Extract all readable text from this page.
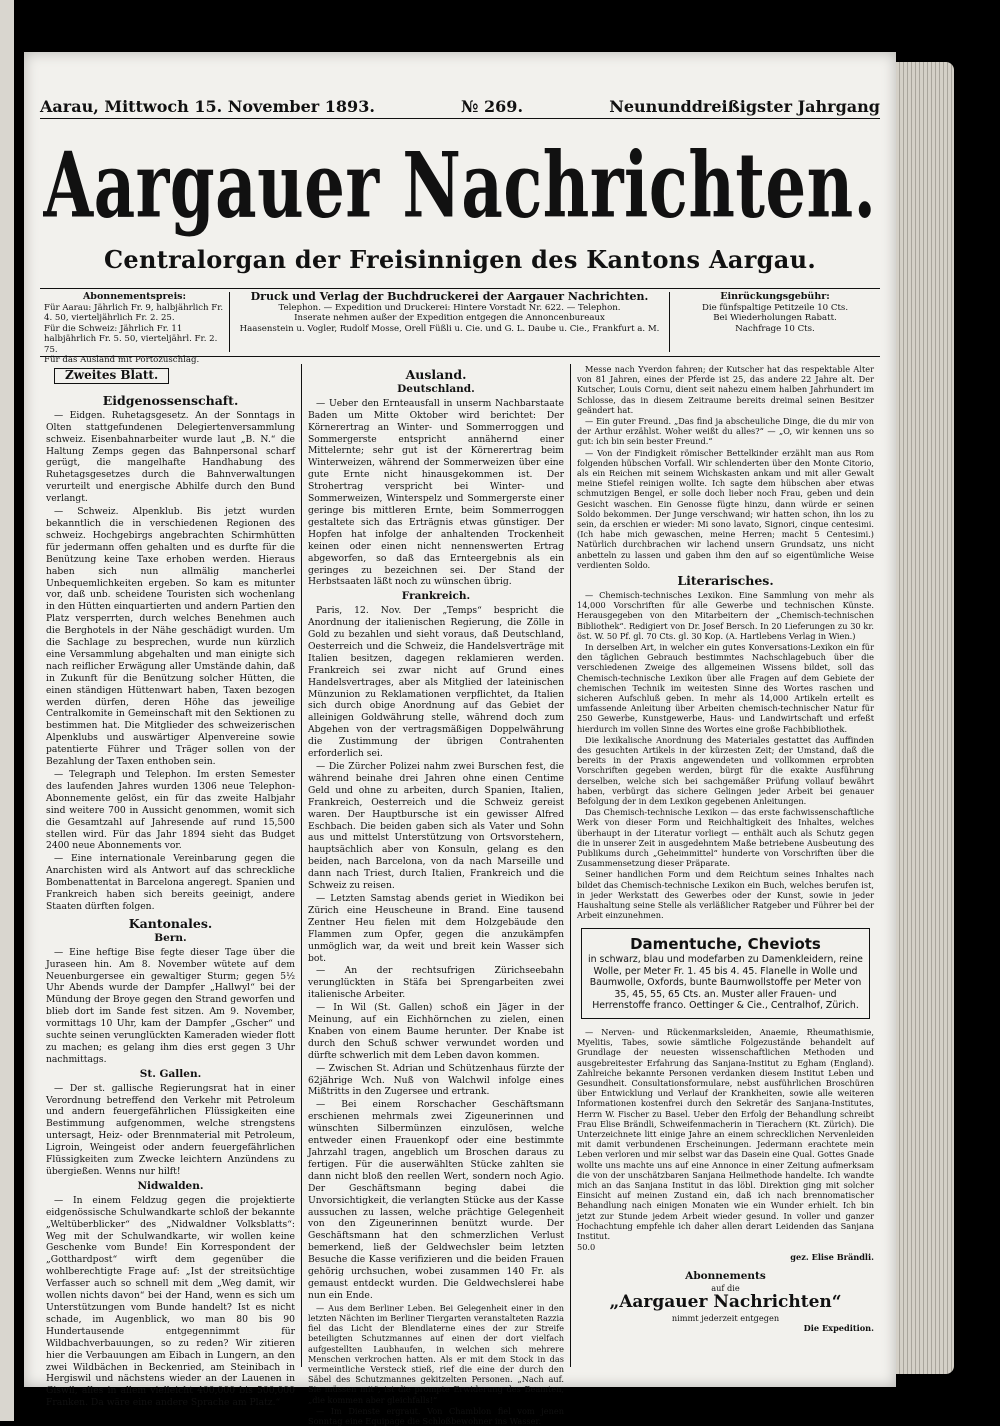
Aarau, Mittwoch 15. November 1893.	№ 269.	Neununddreißigster Jahrgang
Aargauer Nachrichten.
Centralorgan der Freisinnigen des Kantons Aargau.
Abonnementspreis:
Für Aarau: Jährlich Fr. 9, halbjährlich Fr. 4. 50, vierteljährlich Fr. 2. 25.
Für die Schweiz: Jährlich Fr. 11 halbjährlich Fr. 5. 50, vierteljährl. Fr. 2. 75.
Für das Ausland mit Portozuschlag.
Druck und Verlag der Buchdruckerei der Aargauer Nachrichten.
Telephon. — Expedition und Druckerei: Hintere Vorstadt Nr. 622. — Telephon.
Inserate nehmen außer der Expedition entgegen die Annoncenbureaux
Haasenstein u. Vogler, Rudolf Mosse, Orell Füßli u. Cie. und G. L. Daube u. Cie., Frankfurt a. M.
Einrückungsgebühr:
Die fünfspaltige Petitzeile 10 Cts.
Bei Wiederholungen Rabatt.
Nachfrage 10 Cts.
Zweites Blatt.
Eidgenossenschaft.

— Eidgen. Ruhetagsgesetz. An der Sonntags in Olten stattgefundenen Delegiertenversammlung schweiz. Eisenbahnarbeiter wurde laut „B. N.“ die Haltung Zemps gegen das Bahnpersonal scharf gerügt, die mangelhafte Handhabung des Ruhetagsgesetzes durch die Bahnverwaltungen verurteilt und energische Abhilfe durch den Bund verlangt.

— Schweiz. Alpenklub. Bis jetzt wurden bekanntlich die in verschiedenen Regionen des schweiz. Hochgebirgs angebrachten Schirmhütten für jedermann offen gehalten und es durfte für die Benützung keine Taxe erhoben werden. Hieraus haben sich nun allmälig mancherlei Unbequemlichkeiten ergeben. So kam es mitunter vor, daß unb. scheidene Touristen sich wochenlang in den Hütten einquartierten und andern Partien den Platz versperrten, durch welches Benehmen auch die Berghotels in der Nähe geschädigt wurden. Um die Sachlage zu besprechen, wurde nun kürzlich eine Versammlung abgehalten und man einigte sich nach reiflicher Erwägung aller Umstände dahin, daß in Zukunft für die Benützung solcher Hütten, die einen ständigen Hüttenwart haben, Taxen bezogen werden dürfen, deren Höhe das jeweilige Centralkomite in Gemeinschaft mit den Sektionen zu bestimmen hat. Die Mitglieder des schweizerischen Alpenklubs und auswärtiger Alpenvereine sowie patentierte Führer und Träger sollen von der Bezahlung der Taxen enthoben sein.

— Telegraph und Telephon. Im ersten Semester des laufenden Jahres wurden 1306 neue Telephon-Abonnemente gelöst, ein für das zweite Halbjahr sind weitere 700 in Aussicht genommen, womit sich die Gesamtzahl auf Jahresende auf rund 15,500 stellen wird. Für das Jahr 1894 sieht das Budget 2400 neue Abonnements vor.

— Eine internationale Vereinbarung gegen die Anarchisten wird als Antwort auf das schreckliche Bombenattentat in Barcelona angeregt. Spanien und Frankreich haben sich bereits geeinigt, andere Staaten dürften folgen.

Kantonales.
Bern.

— Eine heftige Bise fegte dieser Tage über die Juraseen hin. Am 8. November wütete auf dem Neuenburgersee ein gewaltiger Sturm; gegen 5½ Uhr Abends wurde der Dampfer „Hallwyl“ bei der Mündung der Broye gegen den Strand geworfen und blieb dort im Sande fest sitzen. Am 9. November, vormittags 10 Uhr, kam der Dampfer „Gscher“ und suchte seinen verunglückten Kameraden wieder flott zu machen; es gelang ihm dies erst gegen 3 Uhr nachmittags.

St. Gallen.

— Der st. gallische Regierungsrat hat in einer Verordnung betreffend den Verkehr mit Petroleum und andern feuergefährlichen Flüssigkeiten eine Bestimmung aufgenommen, welche strengstens untersagt, Heiz- oder Brennmaterial mit Petroleum, Ligroin, Weingeist oder andern feuergefährlichen Flüssigkeiten zum Zwecke leichtern Anzündens zu übergießen. Wenns nur hilft!

Nidwalden.

— In einem Feldzug gegen die projektierte eidgenössische Schulwandkarte schloß der bekannte „Weltüberblicker“ des „Nidwaldner Volksblatts“: Weg mit der Schulwandkarte, wir wollen keine Geschenke vom Bunde! Ein Korrespondent der „Gotthardpost“ wirft dem gegenüber die wohlberechtigte Frage auf: „Ist der streitsüchtige Verfasser auch so schnell mit dem „Weg damit, wir wollen nichts davon“ bei der Hand, wenn es sich um Unterstützungen vom Bunde handelt? Ist es nicht schade, im Augenblick, wo man 80 bis 90 Hundertausende entgegennimmt für Wildbachverbauungen, so zu reden? Wir zitieren hier die Verbauungen am Eibach in Lungern, an den zwei Wildbächen in Beckenried, am Steinibach in Hergiswil und nächstens wieder an der Lauenen in Giswil, alles in allem vielleicht 400,000 bis 500,000 Franken. Da wäre eine andere Sprache am Platz.“

Ausland.
Deutschland.

— Ueber den Ernteausfall in unserm Nachbarstaate Baden um Mitte Oktober wird berichtet: Der Körnerertrag an Winter- und Sommerroggen und Sommergerste entspricht annähernd einer Mittelernte; sehr gut ist der Körnerertrag beim Winterweizen, während der Sommerweizen über eine gute Ernte nicht hinausgekommen ist. Der Strohertrag verspricht bei Winter- und Sommerweizen, Winterspelz und Sommergerste einer geringe bis mittleren Ernte, beim Sommerroggen gestaltete sich das Erträgnis etwas günstiger. Der Hopfen hat infolge der anhaltenden Trockenheit keinen oder einen nicht nennenswerten Ertrag abgeworfen, so daß das Ernteergebnis als ein geringes zu bezeichnen sei. Der Stand der Herbstsaaten läßt noch zu wünschen übrig.

Frankreich.

Paris, 12. Nov. Der „Temps“ bespricht die Anordnung der italienischen Regierung, die Zölle in Gold zu bezahlen und sieht voraus, daß Deutschland, Oesterreich und die Schweiz, die Handelsverträge mit Italien besitzen, dagegen reklamieren werden. Frankreich sei zwar nicht auf Grund eines Handelsvertrages, aber als Mitglied der lateinischen Münzunion zu Reklamationen verpflichtet, da Italien sich durch obige Anordnung auf das Gebiet der alleinigen Goldwährung stelle, während doch zum Abgehen von der vertragsmäßigen Doppelwährung die Zustimmung der übrigen Contrahenten erforderlich sei.

— Die Zürcher Polizei nahm zwei Burschen fest, die während beinahe drei Jahren ohne einen Centime Geld und ohne zu arbeiten, durch Spanien, Italien, Frankreich, Oesterreich und die Schweiz gereist waren. Der Hauptbursche ist ein gewisser Alfred Eschbach. Die beiden gaben sich als Vater und Sohn aus und mittelst Unterstützung von Ortsvorstehern, hauptsächlich aber von Konsuln, gelang es den beiden, nach Barcelona, von da nach Marseille und dann nach Triest, durch Italien, Frankreich und die Schweiz zu reisen.

— Letzten Samstag abends geriet in Wiedikon bei Zürich eine Heuscheune in Brand. Eine tausend Zentner Heu fielen mit dem Holzgebäude den Flammen zum Opfer, gegen die anzukämpfen unmöglich war, da weit und breit kein Wasser sich bot.

— An der rechtsufrigen Zürichseebahn verunglückten in Stäfa bei Sprengarbeiten zwei italienische Arbeiter.

— In Wil (St. Gallen) schoß ein Jäger in der Meinung, auf ein Eichhörnchen zu zielen, einen Knaben von einem Baume herunter. Der Knabe ist durch den Schuß schwer verwundet worden und dürfte schwerlich mit dem Leben davon kommen.

— Zwischen St. Adrian und Schützenhaus fürzte der 62jährige Wch. Nuß von Walchwil infolge eines Mißtritts in den Zugersee und ertrank.

— Bei einem Rorschacher Geschäftsmann erschienen mehrmals zwei Zigeunerinnen und wünschten Silbermünzen einzulösen, welche entweder einen Frauenkopf oder eine bestimmte Jahrzahl tragen, angeblich um Broschen daraus zu fertigen. Für die auserwählten Stücke zahlten sie dann nicht bloß den reellen Wert, sondern noch Agio. Der Geschäftsmann beging dabei die Unvorsichtigkeit, die verlangten Stücke aus der Kasse aussuchen zu lassen, welche prächtige Gelegenheit von den Zigeunerinnen benützt wurde. Der Geschäftsmann hat den schmerzlichen Verlust bemerkend, ließ der Geldwechsler beim letzten Besuche die Kasse verifizieren und die beiden Frauen gehörig urchsuchen, wobei zusammen 140 Fr. als gemaust entdeckt wurden. Die Geldwechslerei habe nun ein Ende.

— Aus dem Berliner Leben. Bei Gelegenheit einer in den letzten Nächten im Berliner Tiergarten veranstalteten Razzia fiel das Licht der Blendlaterne eines der zur Streife beteiligten Schutzmannes auf einen der dort vielfach aufgestellten Laubhaufen, in welchen sich mehrere Menschen verkrochen hatten. Als er mit dem Stock in das vermeintliche Versteck stieß, rief die eine der durch den Säbel des Schutzmannes gekitzelten Personen. „Nach auf. Sie müssen mit“, ist die prompte Erwiderung des Beamten, „die kommen aber gleichfalls!“

— Im Dienste ergraut. Von Chamblon fiel vom jenen Sonntag eine Equipage die Schloßbewohner ins Wasser.

Messe nach Yverdon fahren; der Kutscher hat das respektable Alter von 81 Jahren, eines der Pferde ist 25, das andere 22 Jahre alt. Der Kutscher, Louis Cornu, dient seit nahezu einem halben Jahrhundert im Schlosse, das in diesem Zeitraume bereits dreimal seinen Besitzer geändert hat.

— Ein guter Freund. „Das find ja abscheuliche Dinge, die du mir von der Arthur erzählst. Woher weißt du alles?“ — „O, wir kennen uns so gut: ich bin sein bester Freund.“

— Von der Findigkeit römischer Bettelkinder erzählt man aus Rom folgenden hübschen Vorfall. Wir schlenderten über den Monte Citorio, als ein Reichen mit seinem Wichskasten ankam und mit aller Gewalt meine Stiefel reinigen wollte. Ich sagte dem hübschen aber etwas schmutzigen Bengel, er solle doch lieber noch Frau, geben und dein Gesicht waschen. Ein Genosse fügte hinzu, dann würde er seinen Soldo bekommen. Der Junge verschwand; wir hatten schon, ihn los zu sein, da erschien er wieder: Mi sono lavato, Signori, cinque centesimi. (Ich habe mich gewaschen, meine Herren; macht 5 Centesimi.) Natürlich durchbrachen wir lachend unsern Grundsatz, uns nicht anbetteln zu lassen und gaben ihm den auf so eigentümliche Weise verdienten Soldo.

Literarisches.

— Chemisch-technisches Lexikon. Eine Sammlung von mehr als 14,000 Vorschriften für alle Gewerbe und technischen Künste. Herausgegeben von den Mitarbeitern der „Chemisch-technischen Bibliothek“. Redigiert von Dr. Josef Bersch. In 20 Lieferungen zu 30 kr. öst. W. 50 Pf. gl. 70 Cts. gl. 30 Kop. (A. Hartlebens Verlag in Wien.)

In derselben Art, in welcher ein gutes Konversations-Lexikon ein für den täglichen Gebrauch bestimmtes Nachschlagebuch über die verschiedenen Zweige des allgemeinen Wissens bildet, soll das Chemisch-technische Lexikon über alle Fragen auf dem Gebiete der chemischen Technik im weitesten Sinne des Wortes raschen und sicheren Aufschluß geben. In mehr als 14,000 Artikeln erteilt es umfassende Anleitung über Arbeiten chemisch-technischer Natur für 250 Gewerbe, Kunstgewerbe, Haus- und Landwirtschaft und erfeßt hierdurch im vollen Sinne des Wortes eine große Fachbibliothek.

Die lexikalische Anordnung des Materiales gestattet das Auffinden des gesuchten Artikels in der kürzesten Zeit; der Umstand, daß die bereits in der Praxis angewendeten und vollkommen erprobten Vorschriften gegeben werden, bürgt für die exakte Ausführung derselben, welche sich bei sachgemäßer Prüfung vollauf bewährt haben, verbürgt das sichere Gelingen jeder Arbeit bei genauer Befolgung der in dem Lexikon gegebenen Anleitungen.

Das Chemisch-technische Lexikon — das erste fachwissenschaftliche Werk von dieser Form und Reichhaltigkeit des Inhaltes, welches überhaupt in der Literatur vorliegt — enthält auch als Schutz gegen die in unserer Zeit in ausgedehntem Maße betriebene Ausbeutung des Publikums durch „Geheimmittel“ hunderte von Vorschriften über die Zusammensetzung dieser Präparate.

Seiner handlichen Form und dem Reichtum seines Inhaltes nach bildet das Chemisch-technische Lexikon ein Buch, welches berufen ist, in jeder Werkstatt des Gewerbes oder der Kunst, sowie in jeder Haushaltung seine Stelle als verläßlicher Ratgeber und Führer bei der Arbeit einzunehmen.

Damentuche, Cheviots
in schwarz, blau und modefarben zu Damenkleidern, reine Wolle, per Meter Fr. 1. 45 bis 4. 45. Flanelle in Wolle und Baumwolle, Oxfords, bunte Baumwollstoffe per Meter von 35, 45, 55, 65 Cts. an. Muster aller Frauen- und Herrenstoffe franco. Oettinger & Cie., Centralhof, Zürich.

— Nerven- und Rückenmarksleiden, Anaemie, Rheumathismie, Myelitis, Tabes, sowie sämtliche Folgezustände behandelt auf Grundlage der neuesten wissenschaftlichen Methoden und ausgebreitester Erfahrung das Sanjana-Institut zu Egham (England). Zahlreiche bekannte Personen verdanken diesem Institut Leben und Gesundheit. Consultationsformulare, nebst ausführlichen Broschüren über Entwicklung und Verlauf der Krankheiten, sowie alle weiteren Informationen kostenfrei durch den Sekretär des Sanjana-Institutes, Herrn W. Fischer zu Basel. Ueber den Erfolg der Behandlung schreibt Frau Elise Brändli, Schweifenmacherin in Tierachern (Kt. Zürich). Die Unterzeichnete litt einige Jahre an einem schrecklichen Nervenleiden mit damit verbundenen Erscheinungen. Jedermann erachtete mein Leben verloren und mir selbst war das Dasein eine Qual. Gottes Gnade wollte uns machte uns auf eine Annonce in einer Zeitung aufmerksam die von der unschätzbaren Sanjana Heilmethode handelte. Ich wandte mich an das Sanjana Institut in das löbl. Direktion ging mit solcher Einsicht auf meinen Zustand ein, daß ich nach brennomatischer Behandlung nach einigen Monaten wie ein Wunder erhielt. Ich bin jetzt zur Stunde jedem Arbeit wieder gesund. In voller und ganzer Hochachtung empfehle ich daher allen derart Leidenden das Sanjana Institut.

50.0
gez. Elise Brändli.
Abonnements
auf die
„Aargauer Nachrichten“
nimmt jederzeit entgegen
Die Expedition.
